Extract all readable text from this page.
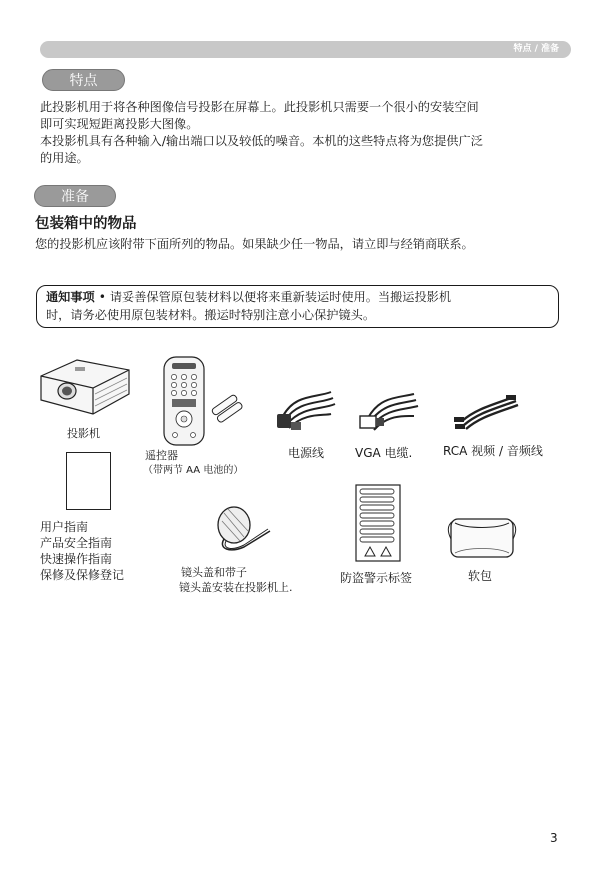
特点 / 准备
特点

此投影机用于将各种图像信号投影在屏幕上。此投影机只需要一个很小的安装空间

即可实现短距离投影大图像。

本投影机具有各种输入/输出端口以及较低的噪音。本机的这些特点将为您提供广泛

的用途。

准备
包装箱中的物品

您的投影机应该附带下面所列的物品。如果缺少任一物品，请立即与经销商联系。

通知事项 • 请妥善保管原包装材料以便将来重新装运时使用。当搬运投影机
时，请务必使用原包装材料。搬运时特别注意小心保护镜头。

投影机

遥控器

（带两节 AA 电池的）

电源线	VGA 电缆.	RCA 视频 / 音频线

用户指南

产品安全指南

快速操作指南

保修及保修登记	镜头盖和带子

镜头盖安装在投影机上.

防盗警示标签	软包

3
